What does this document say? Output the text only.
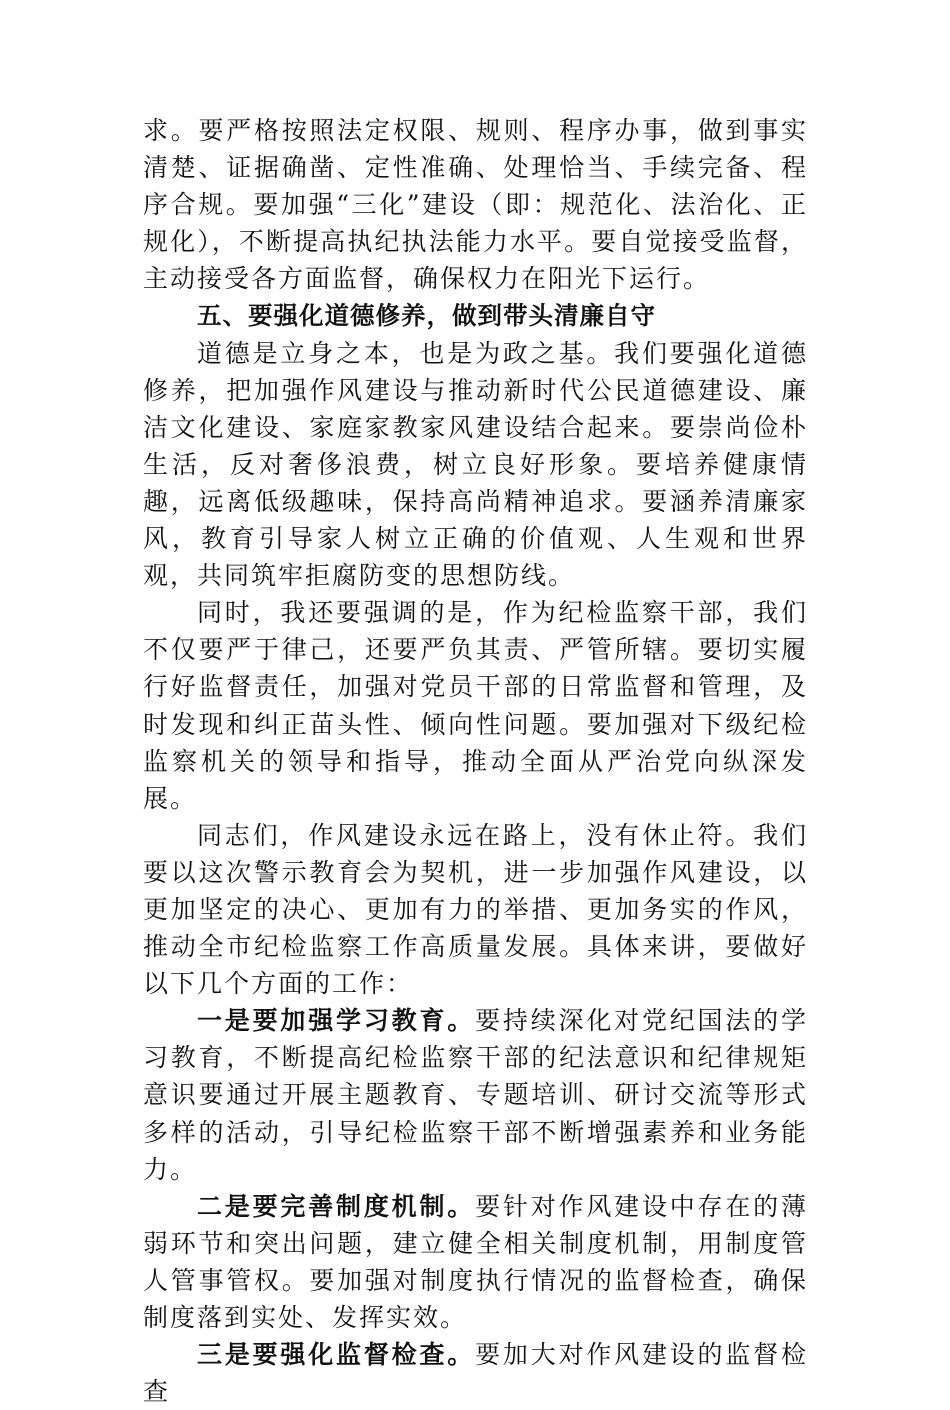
求。要严格按照法定权限、规则、程序办事，做到事实清楚、证据确凿、定性准确、处理恰当、手续完备、程序合规。要加强“三化”建设（即：规范化、法治化、正规化），不断提高执纪执法能力水平。要自觉接受监督，主动接受各方面监督，确保权力在阳光下运行。

五、要强化道德修养，做到带头清廉自守

道德是立身之本，也是为政之基。我们要强化道德修养，把加强作风建设与推动新时代公民道德建设、廉洁文化建设、家庭家教家风建设结合起来。要崇尚俭朴生活，反对奢侈浪费，树立良好形象。要培养健康情趣，远离低级趣味，保持高尚精神追求。要涵养清廉家风，教育引导家人树立正确的价值观、人生观和世界观，共同筑牢拒腐防变的思想防线。

同时，我还要强调的是，作为纪检监察干部，我们不仅要严于律己，还要严负其责、严管所辖。要切实履行好监督责任，加强对党员干部的日常监督和管理，及时发现和纠正苗头性、倾向性问题。要加强对下级纪检监察机关的领导和指导，推动全面从严治党向纵深发展。

同志们，作风建设永远在路上，没有休止符。我们要以这次警示教育会为契机，进一步加强作风建设，以更加坚定的决心、更加有力的举措、更加务实的作风，推动全市纪检监察工作高质量发展。具体来讲，要做好以下几个方面的工作：

一是要加强学习教育。要持续深化对党纪国法的学习教育，不断提高纪检监察干部的纪法意识和纪律规矩意识要通过开展主题教育、专题培训、研讨交流等形式多样的活动，引导纪检监察干部不断增强素养和业务能力。

二是要完善制度机制。要针对作风建设中存在的薄弱环节和突出问题，建立健全相关制度机制，用制度管人管事管权。要加强对制度执行情况的监督检查，确保制度落到实处、发挥实效。

三是要强化监督检查。要加大对作风建设的监督检查
